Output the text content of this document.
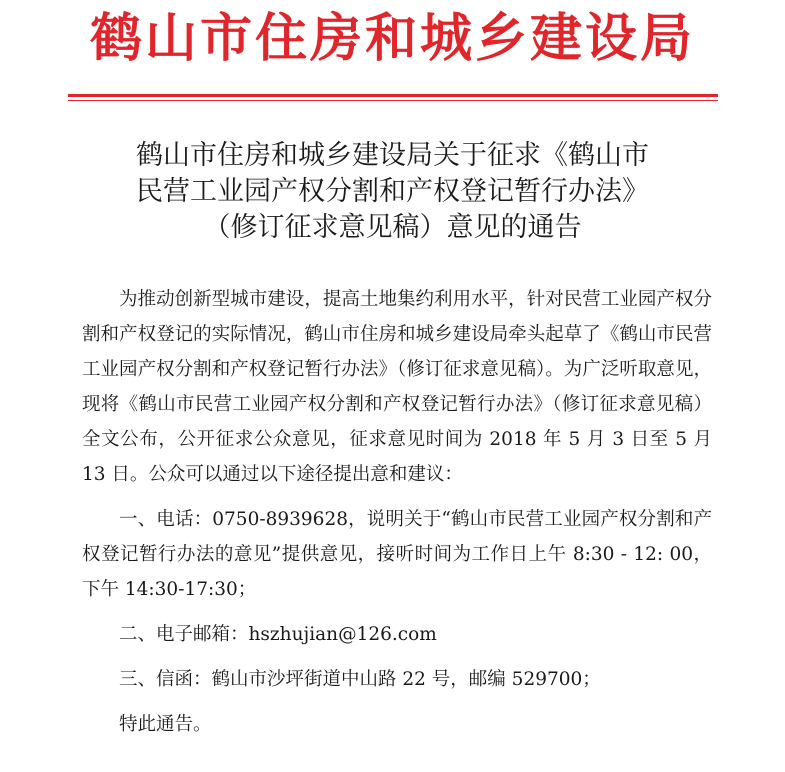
鹤山市住房和城乡建设局
鹤山市住房和城乡建设局关于征求《鹤山市
民营工业园产权分割和产权登记暂行办法》
（修订征求意见稿）意见的通告

为推动创新型城市建设，提高土地集约利用水平，针对民营工业园产权分割和产权登记的实际情况，鹤山市住房和城乡建设局牵头起草了《鹤山市民营工业园产权分割和产权登记暂行办法》（修订征求意见稿）。为广泛听取意见，现将《鹤山市民营工业园产权分割和产权登记暂行办法》（修订征求意见稿）全文公布，公开征求公众意见，征求意见时间为 2018 年 5 月 3 日至 5 月 13 日。公众可以通过以下途径提出意和建议：

一、电话：0750-8939628，说明关于“鹤山市民营工业园产权分割和产权登记暂行办法的意见”提供意见，接听时间为工作日上午 8:30 - 12: 00，下午 14:30-17:30；

二、电子邮箱：hszhujian@126.com

三、信函：鹤山市沙坪街道中山路 22 号，邮编 529700；

特此通告。
